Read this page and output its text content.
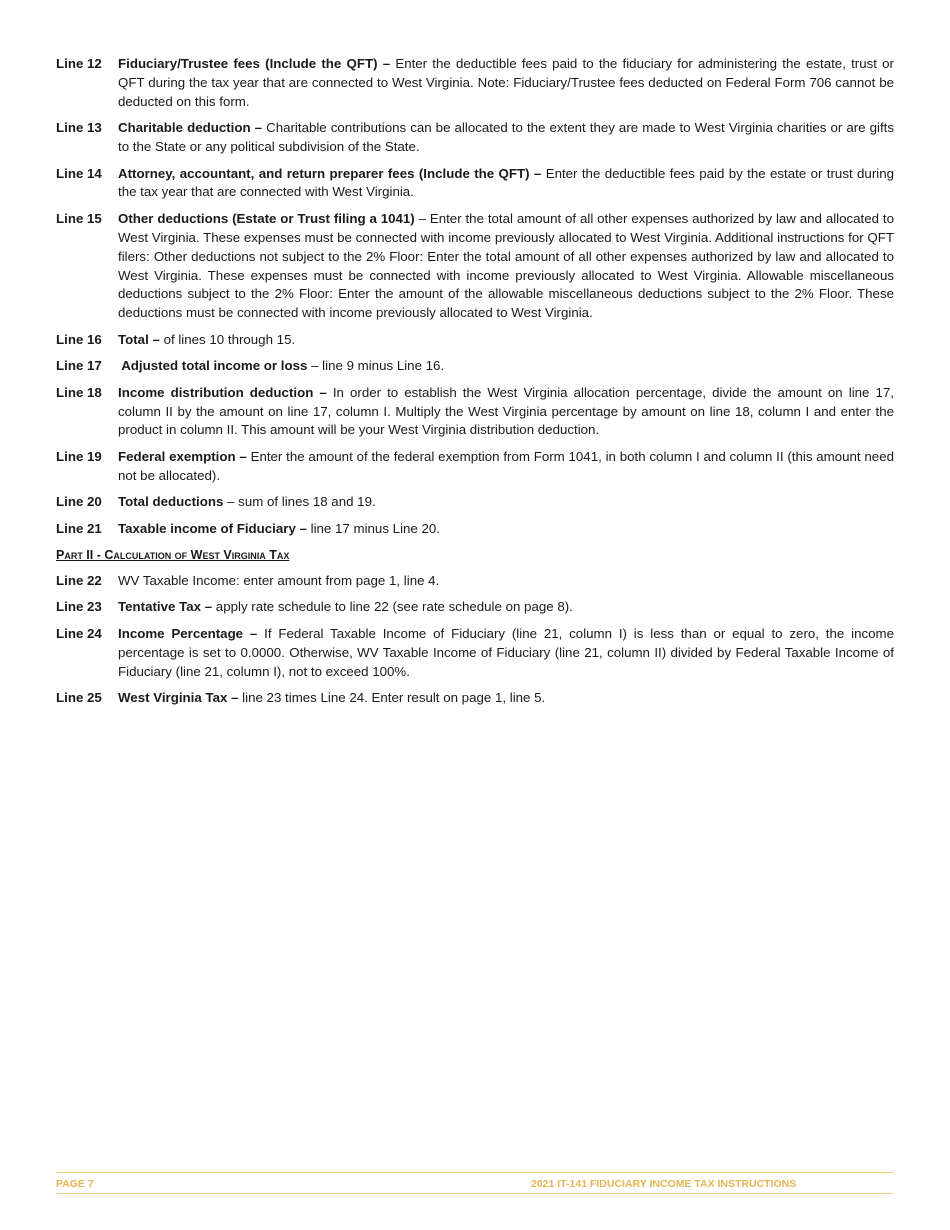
Line 12	Fiduciary/Trustee fees (Include the QFT) – Enter the deductible fees paid to the fiduciary for administering the estate, trust or QFT during the tax year that are connected to West Virginia. Note: Fiduciary/Trustee fees deducted on Federal Form 706 cannot be deducted on this form.
Line 13	Charitable deduction – Charitable contributions can be allocated to the extent they are made to West Virginia charities or are gifts to the State or any political subdivision of the State.
Line 14	Attorney, accountant, and return preparer fees (Include the QFT) – Enter the deductible fees paid by the estate or trust during the tax year that are connected with West Virginia.
Line 15	Other deductions (Estate or Trust filing a 1041) – Enter the total amount of all other expenses authorized by law and allocated to West Virginia. These expenses must be connected with income previously allocated to West Virginia. Additional instructions for QFT filers: Other deductions not subject to the 2% Floor: Enter the total amount of all other expenses authorized by law and allocated to West Virginia. These expenses must be connected with income previously allocated to West Virginia. Allowable miscellaneous deductions subject to the 2% Floor: Enter the amount of the allowable miscellaneous deductions subject to the 2% Floor. These deductions must be connected with income previously allocated to West Virginia.
Line 16	Total – of lines 10 through 15.
Line 17	Adjusted total income or loss – line 9 minus Line 16.
Line 18	Income distribution deduction – In order to establish the West Virginia allocation percentage, divide the amount on line 17, column II by the amount on line 17, column I. Multiply the West Virginia percentage by amount on line 18, column I and enter the product in column II. This amount will be your West Virginia distribution deduction.
Line 19	Federal exemption – Enter the amount of the federal exemption from Form 1041, in both column I and column II (this amount need not be allocated).
Line 20	Total deductions – sum of lines 18 and 19.
Line 21	Taxable income of Fiduciary – line 17 minus Line 20.
Part II - Calculation of West Virginia Tax
Line 22	WV Taxable Income: enter amount from page 1, line 4.
Line 23	Tentative Tax – apply rate schedule to line 22 (see rate schedule on page 8).
Line 24	Income Percentage – If Federal Taxable Income of Fiduciary (line 21, column I) is less than or equal to zero, the income percentage is set to 0.0000. Otherwise, WV Taxable Income of Fiduciary (line 21, column II) divided by Federal Taxable Income of Fiduciary (line 21, column I), not to exceed 100%.
Line 25	West Virginia Tax – line 23 times Line 24. Enter result on page 1, line 5.
PAGE 7	2021 IT-141 FIDUCIARY INCOME TAX INSTRUCTIONS
